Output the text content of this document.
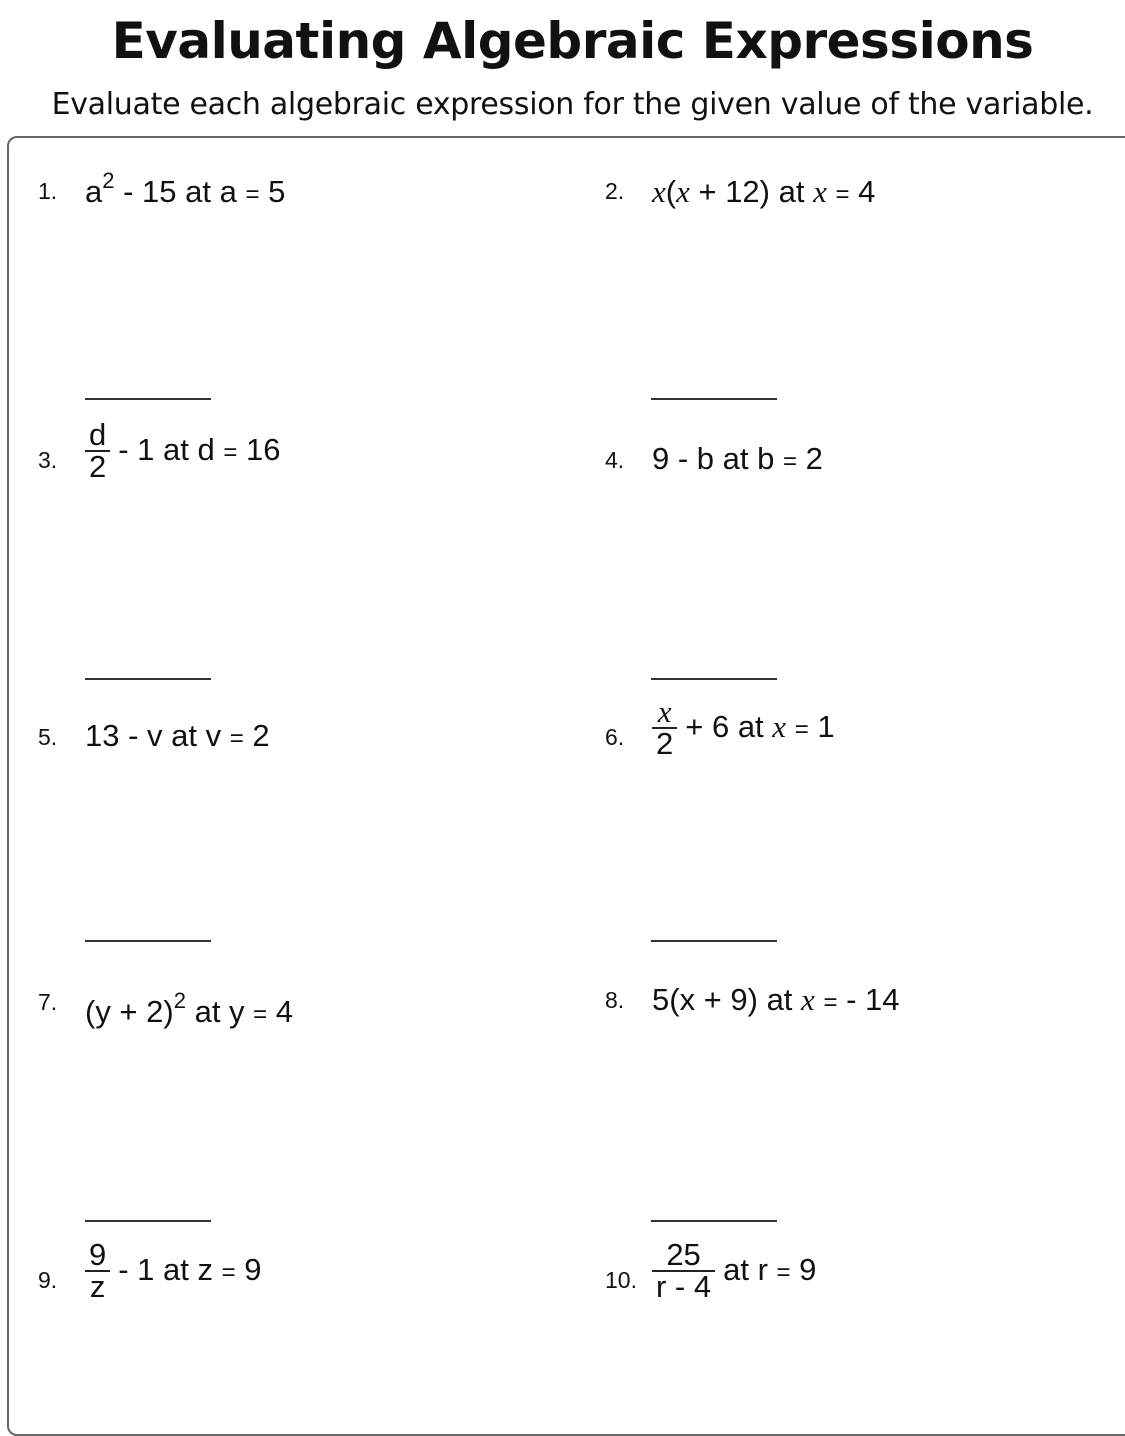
Evaluating Algebraic Expressions

Evaluate each algebraic expression for the given value of the variable.

1. $a^2 - 15$ at a = 5	2. x(x + 12) at x = 4
3. $\frac{d}{2} - 1$ at d = 16	4. 9 - b at b = 2
5. 13 - v at v = 2	6. $\frac{x}{2} + 6$ at x = 1
7. $(y + 2)^2$ at y = 4	8. 5(x + 9) at x = - 14
9. $\frac{9}{z} - 1$ at z = 9	10. $\frac{25}{r - 4}$ at r = 9
